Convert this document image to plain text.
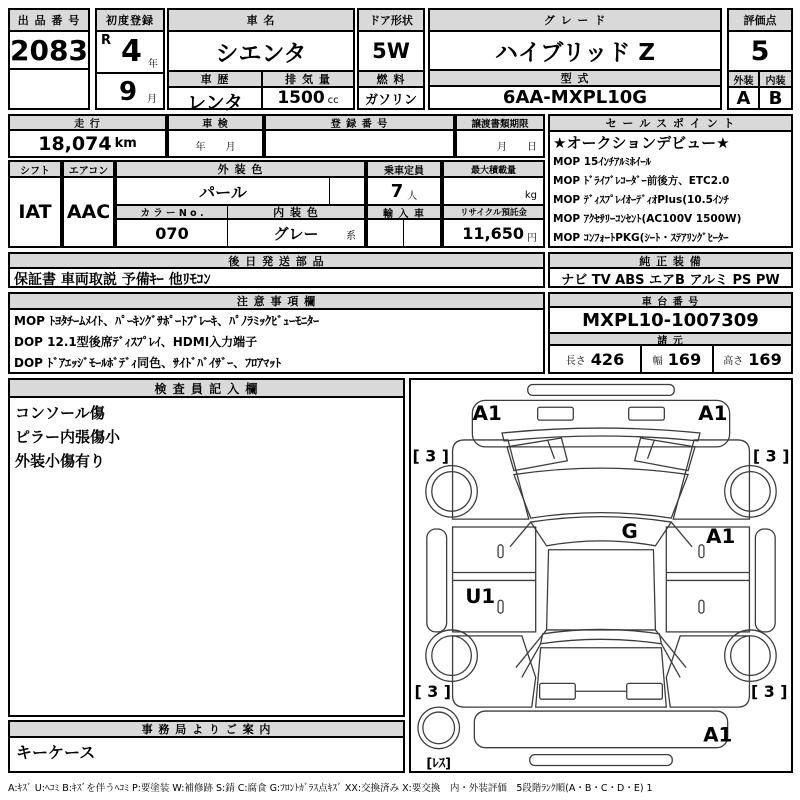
出 品 番 号
2083
初度登録
R 4 年
9 月
車 名
シエンタ
車 歴
レンタ
排 気 量
1500 cc
ドア形状
5W
燃 料
ガソリン
グ レ ー ド
ハイブリッド Z
型 式
6AA-MXPL10G
評価点
5
外装	内装
A	B
走 行
18,074 km
車 検
年　　月
登 録 番 号	譲渡書類期限
月　　日
シフト
IAT
エアコン
AAC
外 装 色
パール
カ ラ ー N o .	内 装 色
070	グレー	系
乗車定員
7 人
輸 入 車
最大積載量
kg
リサイクル預託金
11,650 円
セ ー ル ス ポ イ ン ト
★オークションデビュー★
MOP 15ｲﾝﾁｱﾙﾐﾎｲｰﾙ
MOP ﾄﾞﾗｲﾌﾞﾚｺｰﾀﾞｰ前後方、ETC2.0
MOP ﾃﾞｨｽﾌﾟﾚｲｵｰﾃﾞｨｵPlus(10.5ｲﾝﾁ
MOP ｱｸｾｻﾘｰｺﾝｾﾝﾄ(AC100V 1500W)
MOP ｺﾝﾌｫｰﾄPKG(ｼｰﾄ・ｽﾃｱﾘﾝｸﾞﾋｰﾀｰ
後 日 発 送 部 品
保証書 車両取説 予備ｷｰ 他ﾘﾓｺﾝ
純 正 装 備
ナビ TV ABS エアB アルミ PS PW
注 意 事 項 欄
MOP ﾄﾖﾀﾁｰﾑﾒｲﾄ、ﾊﾟｰｷﾝｸﾞｻﾎﾟｰﾄﾌﾞﾚｰｷ、ﾊﾟﾉﾗﾐｯｸﾋﾞｭｰﾓﾆﾀｰ
DOP 12.1型後席ﾃﾞｨｽﾌﾟﾚｲ、HDMI入力端子
DOP ﾄﾞｱｴｯｼﾞﾓｰﾙﾎﾞﾃﾞｨ同色、ｻｲﾄﾞﾊﾞｲｻﾞｰ、ﾌﾛｱﾏｯﾄ
車 台 番 号
MXPL10-1007309
諸 元
長さ 426	幅 169 高さ 169
検 査 員 記 入 欄
コンソール傷
ピラー内張傷小
外装小傷有り
事 務 局 よ り ご 案 内
キーケース
A1	A1
[ 3 ]	[ 3 ]
G	A1
U1
[ 3 ]	[ 3 ]
A1
[ﾚｽ]
A:ｷｽﾞ U:ﾍｺﾐ B:ｷｽﾞを伴うﾍｺﾐ P:要塗装 W:補修跡 S:錆 C:腐食 G:ﾌﾛﾝﾄｶﾞﾗｽ点ｷｽﾞ XX:交換済み X:要交換　内・外装評価　5段階ﾗﾝｸ順(A・B・C・D・E) 1
